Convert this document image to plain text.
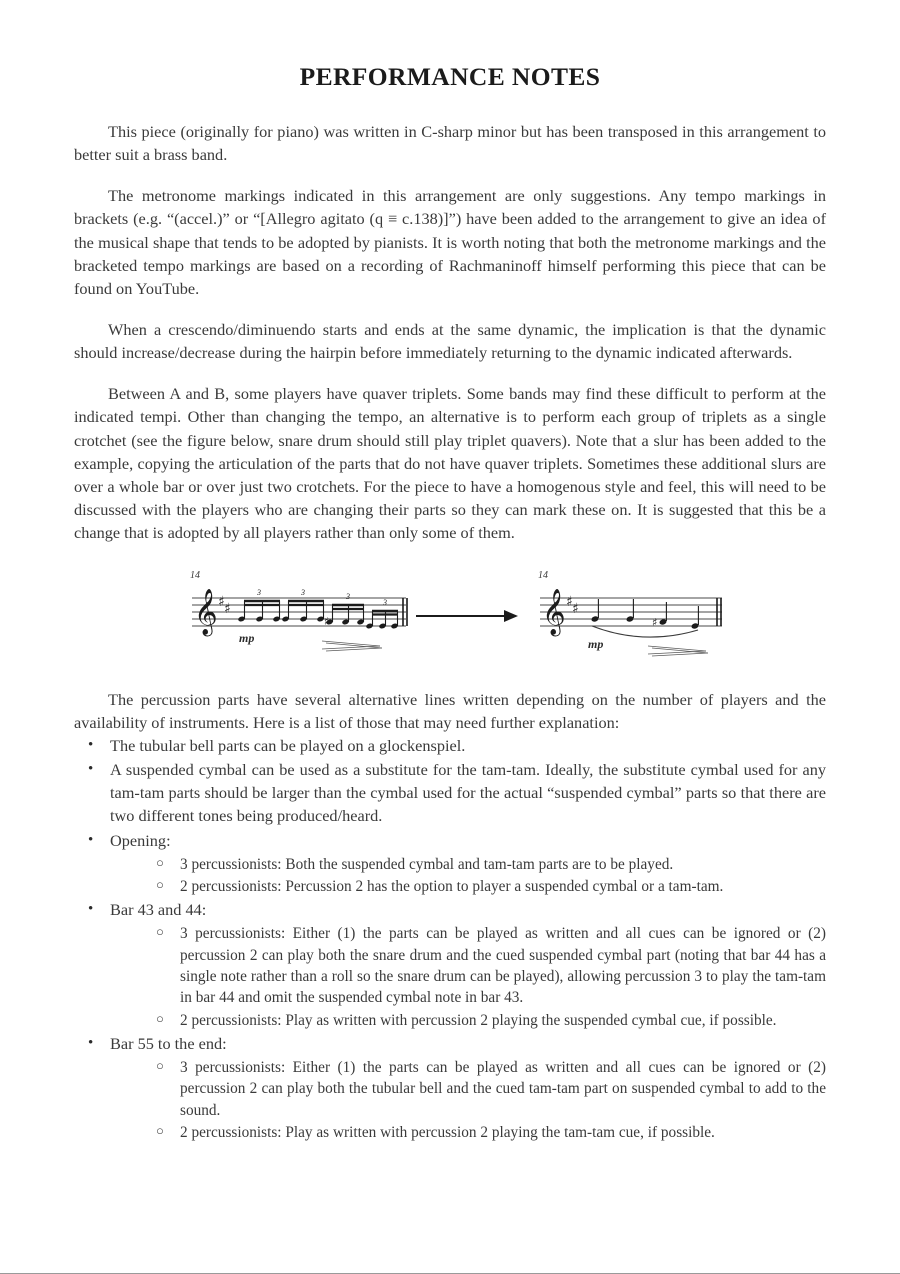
PERFORMANCE NOTES

This piece (originally for piano) was written in C-sharp minor but has been transposed in this arrangement to better suit a brass band.

The metronome markings indicated in this arrangement are only suggestions. Any tempo markings in brackets (e.g. “(accel.)” or “[Allegro agitato (q ≡ c.138)]”) have been added to the arrangement to give an idea of the musical shape that tends to be adopted by pianists. It is worth noting that both the metronome markings and the bracketed tempo markings are based on a recording of Rachmaninoff himself performing this piece that can be found on YouTube.

When a crescendo/diminuendo starts and ends at the same dynamic, the implication is that the dynamic should increase/decrease during the hairpin before immediately returning to the dynamic indicated afterwards.

Between A and B, some players have quaver triplets. Some bands may find these difficult to perform at the indicated tempi. Other than changing the tempo, an alternative is to perform each group of triplets as a single crotchet (see the figure below, snare drum should still play triplet quavers). Note that a slur has been added to the example, copying the articulation of the parts that do not have quaver triplets. Sometimes these additional slurs are over a whole bar or over just two crotchets. For the piece to have a homogenous style and feel, this will need to be discussed with the players who are changing their parts so they can mark these on. It is suggested that this be a change that is adopted by all players rather than only some of them.

14
𝄞 ♯ ♯
3	3	3
♯
3
mp
14
𝄞 ♯ ♯
♯
mp

The percussion parts have several alternative lines written depending on the number of players and the availability of instruments. Here is a list of those that may need further explanation:

• The tubular bell parts can be played on a glockenspiel.
• A suspended cymbal can be used as a substitute for the tam-tam. Ideally, the substitute cymbal used for any tam-tam parts should be larger than the cymbal used for the actual “suspended cymbal” parts so that there are two different tones being produced/heard.
• Opening:
○ 3 percussionists: Both the suspended cymbal and tam-tam parts are to be played.
○ 2 percussionists: Percussion 2 has the option to player a suspended cymbal or a tam-tam.
• Bar 43 and 44:
○ 3 percussionists: Either (1) the parts can be played as written and all cues can be ignored or (2) percussion 2 can play both the snare drum and the cued suspended cymbal part (noting that bar 44 has a single note rather than a roll so the snare drum can be played), allowing percussion 3 to play the tam-tam in bar 44 and omit the suspended cymbal note in bar 43.
○ 2 percussionists: Play as written with percussion 2 playing the suspended cymbal cue, if possible.
• Bar 55 to the end:
○ 3 percussionists: Either (1) the parts can be played as written and all cues can be ignored or (2) percussion 2 can play both the tubular bell and the cued tam-tam part on suspended cymbal to add to the sound.
○ 2 percussionists: Play as written with percussion 2 playing the tam-tam cue, if possible.
